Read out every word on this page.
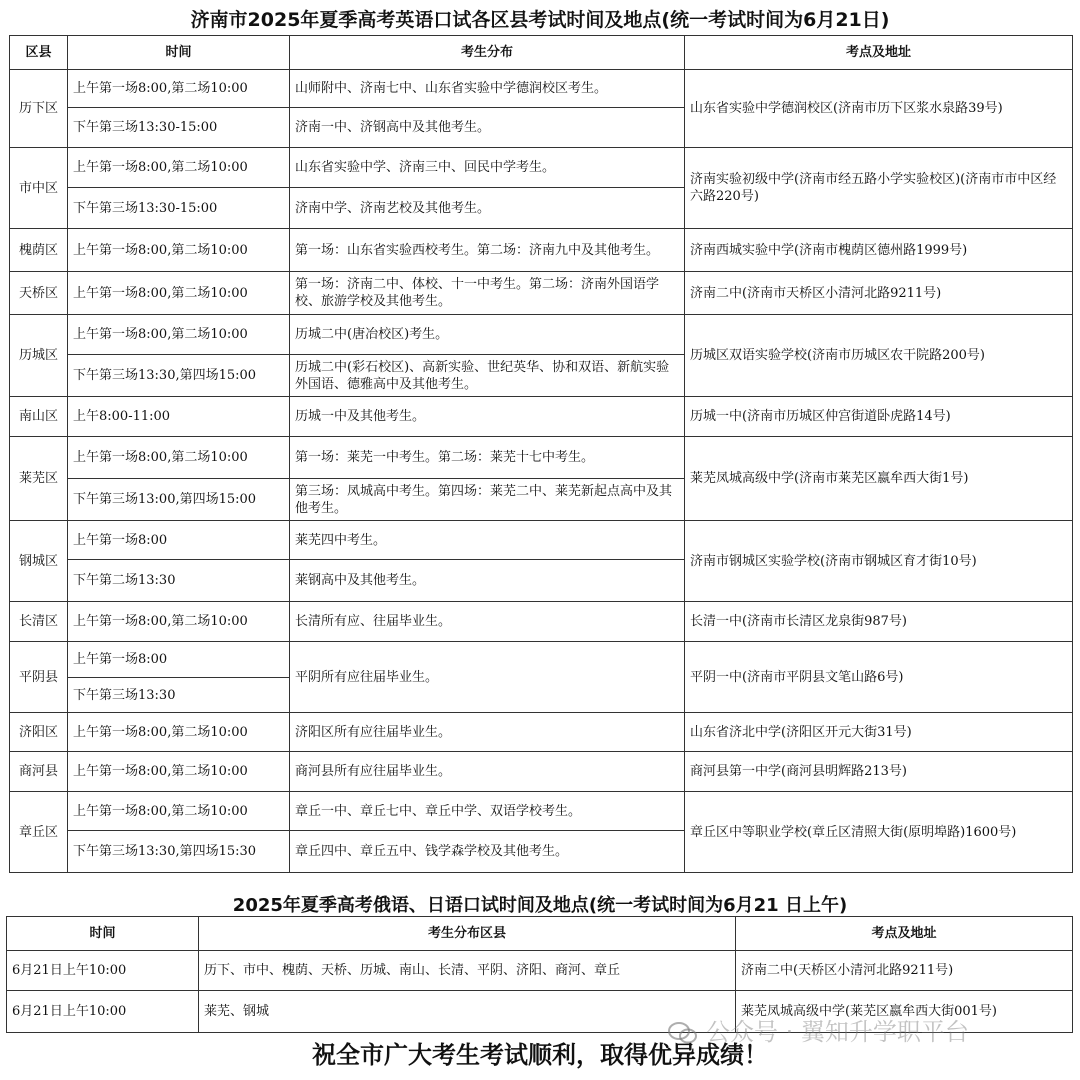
济南市2025年夏季高考英语口试各区县考试时间及地点(统一考试时间为6月21日)
区县	时间	考生分布	考点及地址
历下区	上午第一场8:00,第二场10:00	山师附中、济南七中、山东省实验中学德润校区考生。	山东省实验中学德润校区(济南市历下区浆水泉路39号)
	下午第三场13:30-15:00	济南一中、济钢高中及其他考生。	
市中区	上午第一场8:00,第二场10:00	山东省实验中学、济南三中、回民中学考生。	济南实验初级中学(济南市经五路小学实验校区)(济南市市中区经六路220号)
	下午第三场13:30-15:00	济南中学、济南艺校及其他考生。	
槐荫区	上午第一场8:00,第二场10:00	第一场：山东省实验西校考生。第二场：济南九中及其他考生。	济南西城实验中学(济南市槐荫区德州路1999号)
天桥区	上午第一场8:00,第二场10:00	第一场：济南二中、体校、十一中考生。第二场：济南外国语学校、旅游学校及其他考生。	济南二中(济南市天桥区小清河北路9211号)
历城区	上午第一场8:00,第二场10:00	历城二中(唐冶校区)考生。	历城区双语实验学校(济南市历城区农干院路200号)
	下午第三场13:30,第四场15:00	历城二中(彩石校区)、高新实验、世纪英华、协和双语、新航实验外国语、德雅高中及其他考生。	
南山区	上午8:00-11:00	历城一中及其他考生。	历城一中(济南市历城区仲宫街道卧虎路14号)
莱芜区	上午第一场8:00,第二场10:00	第一场：莱芜一中考生。第二场：莱芜十七中考生。	莱芜凤城高级中学(济南市莱芜区嬴牟西大街1号)
	下午第三场13:00,第四场15:00	第三场：凤城高中考生。第四场：莱芜二中、莱芜新起点高中及其他考生。	
钢城区	上午第一场8:00	莱芜四中考生。	济南市钢城区实验学校(济南市钢城区育才街10号)
	下午第二场13:30	莱钢高中及其他考生。	
长清区	上午第一场8:00,第二场10:00	长清所有应、往届毕业生。	长清一中(济南市长清区龙泉街987号)
平阴县	上午第一场8:00	平阴所有应往届毕业生。	平阴一中(济南市平阴县文笔山路6号)
	下午第三场13:30		
济阳区	上午第一场8:00,第二场10:00	济阳区所有应往届毕业生。	山东省济北中学(济阳区开元大街31号)
商河县	上午第一场8:00,第二场10:00	商河县所有应往届毕业生。	商河县第一中学(商河县明辉路213号)
章丘区	上午第一场8:00,第二场10:00	章丘一中、章丘七中、章丘中学、双语学校考生。	章丘区中等职业学校(章丘区清照大街(原明埠路)1600号)
	下午第三场13:30,第四场15:30	章丘四中、章丘五中、钱学森学校及其他考生。	
2025年夏季高考俄语、日语口试时间及地点(统一考试时间为6月21 日上午)
时间	考生分布区县	考点及地址
6月21日上午10:00	历下、市中、槐荫、天桥、历城、南山、长清、平阴、济阳、商河、章丘	济南二中(天桥区小清河北路9211号)
6月21日上午10:00	莱芜、钢城	莱芜凤城高级中学(莱芜区嬴牟西大街001号)
公众号 · 翼知升学职平台
祝全市广大考生考试顺利，取得优异成绩！
